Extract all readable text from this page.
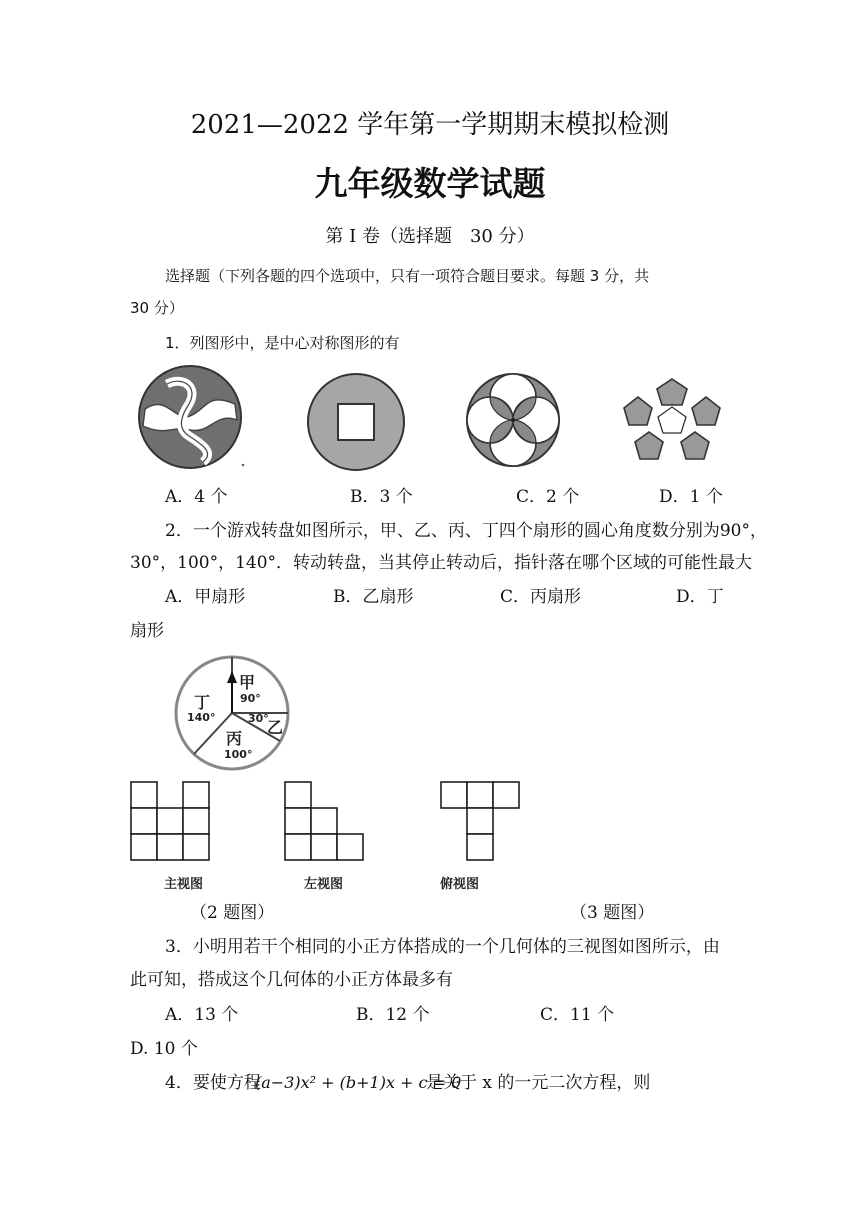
2021—2022 学年第一学期期末模拟检测
九年级数学试题
第 I 卷（选择题　30 分）
选择题（下列各题的四个选项中，只有一项符合题目要求。每题 3 分，共
30 分）
1．列图形中，是中心对称图形的有
A．4 个	B．3 个	C．2 个	D．1 个
2．一个游戏转盘如图所示，甲、乙、丙、丁四个扇形的圆心角度数分别为90°，
30°，100°，140°．转动转盘，当其停止转动后，指针落在哪个区域的可能性最大
A．甲扇形	B．乙扇形	C．丙扇形	D．丁
扇形
甲
90°
乙
30°
丙
100°
丁
140°
主视图	左视图	俯视图
（2 题图）	（3 题图）
3．小明用若干个相同的小正方体搭成的一个几何体的三视图如图所示，由
此可知，搭成这个几何体的小正方体最多有
A．13 个	B．12 个	C．11 个
D. 10 个
4．要使方程
(a−3)x² + (b+1)x + c = 0
是关于 x 的一元二次方程，则
